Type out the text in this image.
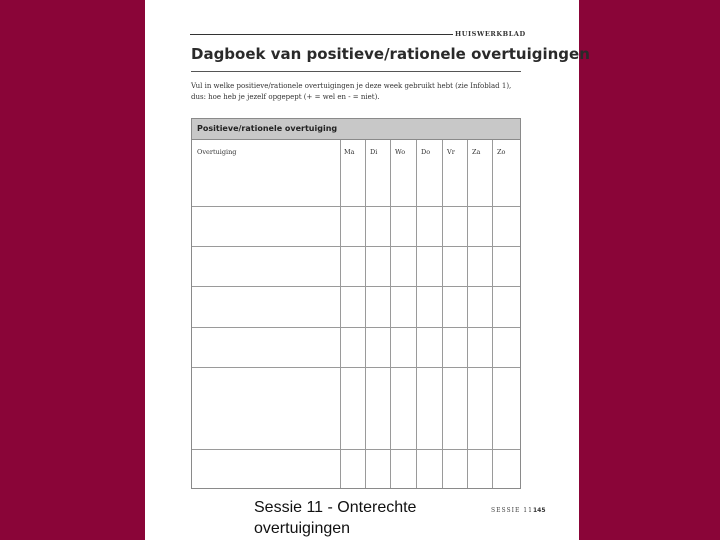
HUISWERKBLAD
Dagboek van positieve/rationele overtuigingen
Vul in welke positieve/rationele overtuigingen je deze week gebruikt hebt (zie Infoblad 1), dus: hoe heb je jezelf opgepept (+ = wel en - = niet).
Positieve/rationele overtuiging
Overtuiging	Ma Di	Wo Do	Vr	Za	Zo
Sessie 11 - Onterechte overtuigingen
SESSIE 11 145
